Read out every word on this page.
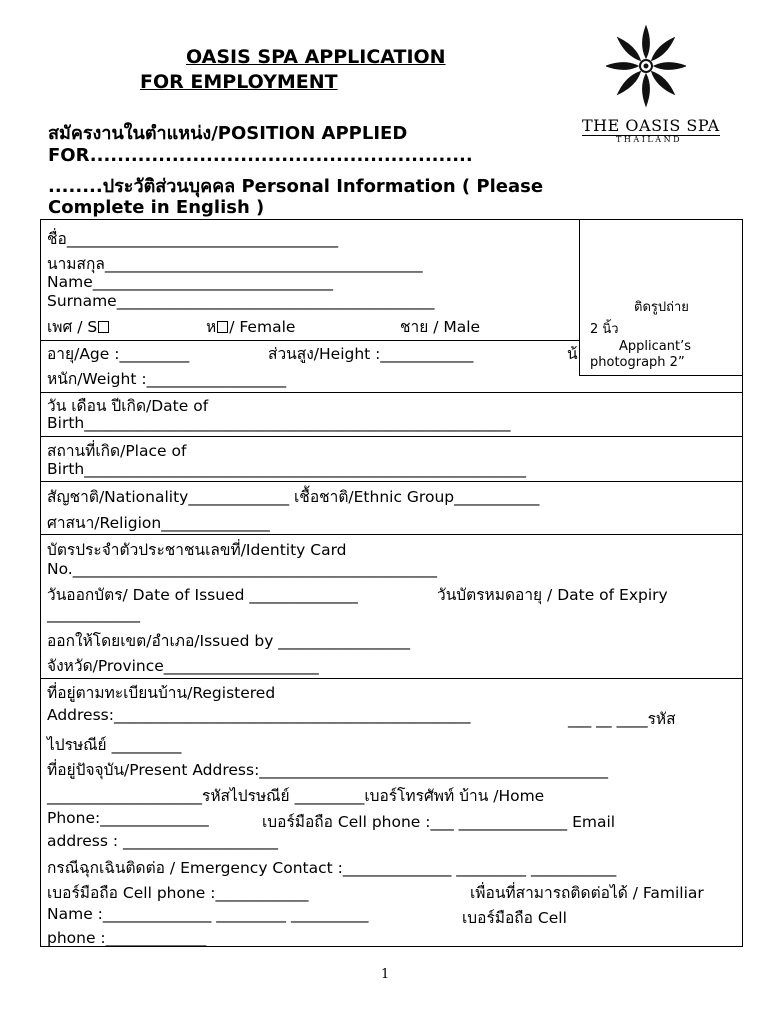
OASIS SPA APPLICATION
FOR EMPLOYMENT
THE OASIS SPA
T H A I L A N D
สมัครงานในตำแหน่ง/POSITION APPLIED
FOR........................................................
........ประวัติส่วนบุคคล Personal Information ( Please
Complete in English )
ติดรูปถ่าย
2 นิ้ว
Applicant’s
photograph 2”
ชื่อ___________________________________
นามสกุล_________________________________________
Name_______________________________
Surname_________________________________________
เพศ / S	ห / Female	ชาย / Male
อายุ/Age :_________	ส่วนสูง/Height :____________	น้
หนัก/Weight :__________________
วัน เดือน ปีเกิด/Date of
Birth_______________________________________________________
สถานที่เกิด/Place of
Birth_________________________________________________________
สัญชาติ/Nationality_____________ เชื้อชาติ/Ethnic Group___________
ศาสนา/Religion______________
บัตรประจำตัวประชาชนเลขที่/Identity Card
No._______________________________________________
วันออกบัตร/ Date of Issued ______________	วันบัตรหมดอายุ / Date of Expiry
____________
ออกให้โดยเขต/อำเภอ/Issued by _________________
จังหวัด/Province____________________
ที่อยู่ตามทะเบียนบ้าน/Registered
Address:______________________________________________	___ __ ____รหัส
ไปรษณีย์ _________
ที่อยู่ปัจจุบัน/Present Address:_____________________________________________
____________________รหัสไปรษณีย์ _________เบอร์โทรศัพท์ บ้าน /Home
Phone:______________	เบอร์มือถือ Cell phone :___ ______________ Email
address : ____________________
กรณีฉุกเฉินติดต่อ / Emergency Contact :______________ _________ ___________
เบอร์มือถือ Cell phone :____________	เพื่อนที่สามารถติดต่อได้ / Familiar
Name :______________ _________ __________	เบอร์มือถือ Cell
phone :_____________
1
